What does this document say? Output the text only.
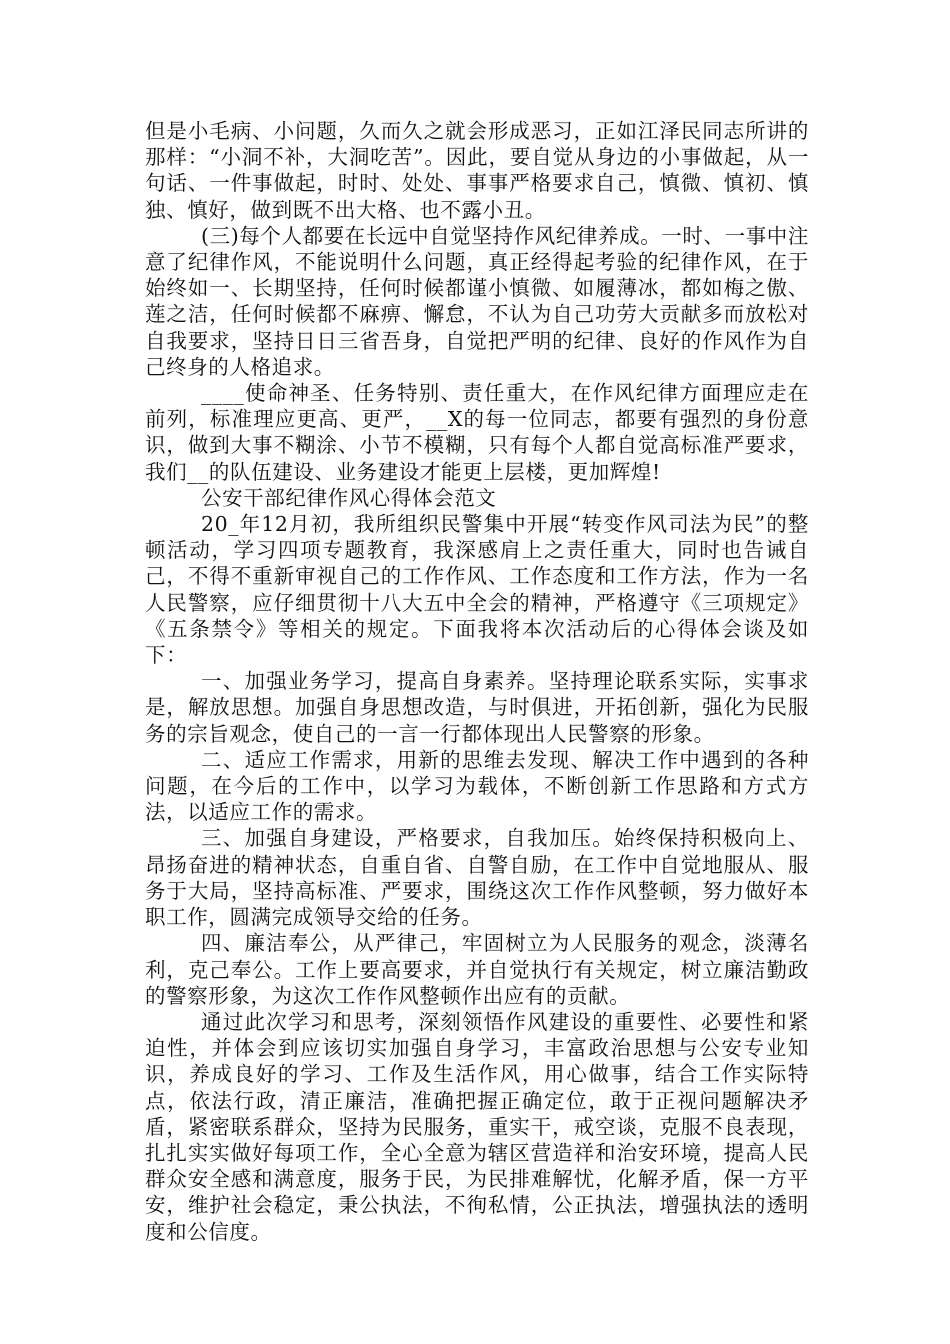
但是小毛病、小问题，久而久之就会形成恶习，正如江泽民同志所讲的那样：“小洞不补，大洞吃苦”。因此，要自觉从身边的小事做起，从一句话、一件事做起，时时、处处、事事严格要求自己，慎微、慎初、慎独、慎好，做到既不出大格、也不露小丑。

(三)每个人都要在长远中自觉坚持作风纪律养成。一时、一事中注意了纪律作风，不能说明什么问题，真正经得起考验的纪律作风，在于始终如一、长期坚持，任何时候都谨小慎微、如履薄冰，都如梅之傲、莲之洁，任何时候都不麻痹、懈怠，不认为自己功劳大贡献多而放松对自我要求，坚持日日三省吾身，自觉把严明的纪律、良好的作风作为自己终身的人格追求。

____使命神圣、任务特别、责任重大，在作风纪律方面理应走在前列，标准理应更高、更严，__X的每一位同志，都要有强烈的身份意识，做到大事不糊涂、小节不模糊，只有每个人都自觉高标准严要求，我们__的队伍建设、业务建设才能更上层楼，更加辉煌!

公安干部纪律作风心得体会范文

20_年12月初，我所组织民警集中开展“转变作风司法为民”的整顿活动，学习四项专题教育，我深感肩上之责任重大，同时也告诫自己，不得不重新审视自己的工作作风、工作态度和工作方法，作为一名人民警察，应仔细贯彻十八大五中全会的精神，严格遵守《三项规定》《五条禁令》等相关的规定。下面我将本次活动后的心得体会谈及如下：

一、加强业务学习，提高自身素养。坚持理论联系实际，实事求是，解放思想。加强自身思想改造，与时俱进，开拓创新，强化为民服务的宗旨观念，使自己的一言一行都体现出人民警察的形象。

二、适应工作需求，用新的思维去发现、解决工作中遇到的各种问题，在今后的工作中，以学习为载体，不断创新工作思路和方式方法，以适应工作的需求。

三、加强自身建设，严格要求，自我加压。始终保持积极向上、昂扬奋进的精神状态，自重自省、自警自励，在工作中自觉地服从、服务于大局，坚持高标准、严要求，围绕这次工作作风整顿，努力做好本职工作，圆满完成领导交给的任务。

四、廉洁奉公，从严律己，牢固树立为人民服务的观念，淡薄名利，克己奉公。工作上要高要求，并自觉执行有关规定，树立廉洁勤政的警察形象，为这次工作作风整顿作出应有的贡献。

通过此次学习和思考，深刻领悟作风建设的重要性、必要性和紧迫性，并体会到应该切实加强自身学习，丰富政治思想与公安专业知识，养成良好的学习、工作及生活作风，用心做事，结合工作实际特点，依法行政，清正廉洁，准确把握正确定位，敢于正视问题解决矛盾，紧密联系群众，坚持为民服务，重实干，戒空谈，克服不良表现，扎扎实实做好每项工作，全心全意为辖区营造祥和治安环境，提高人民群众安全感和满意度，服务于民，为民排难解忧，化解矛盾，保一方平安，维护社会稳定，秉公执法，不徇私情，公正执法，增强执法的透明度和公信度。
